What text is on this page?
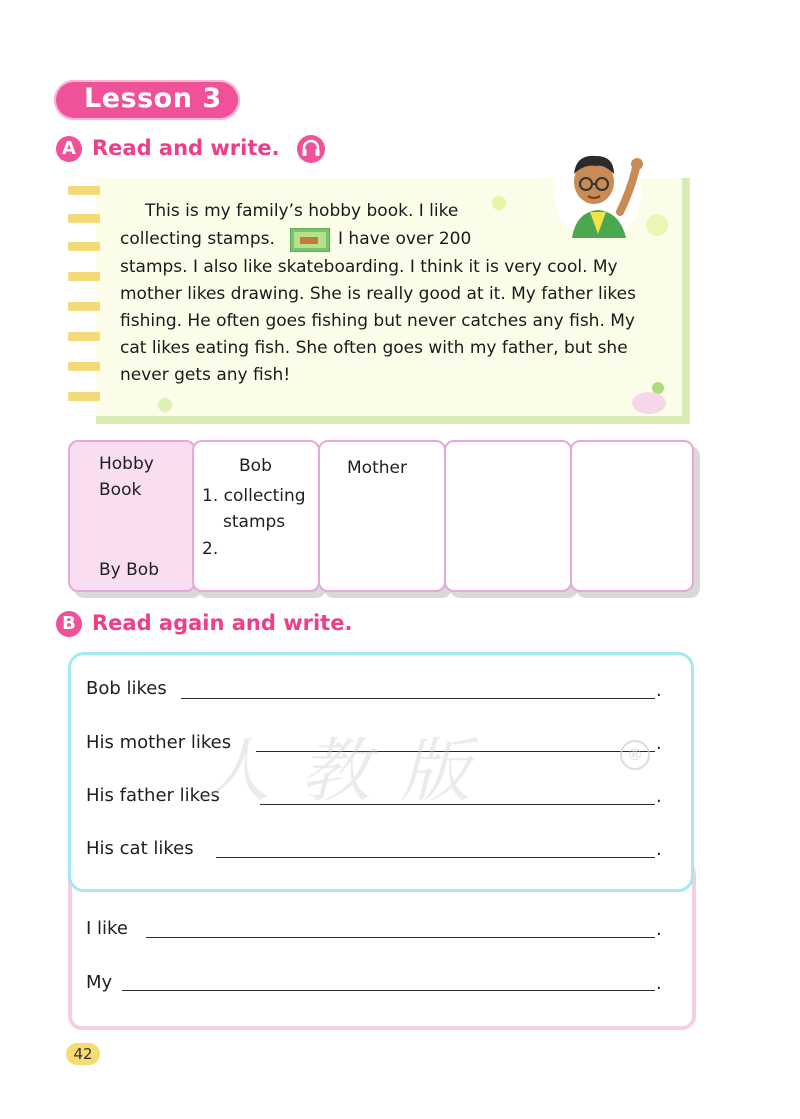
Lesson 3
A Read and write.
This is my family’s hobby book. I like
collecting stamps.	I have over 200
stamps. I also like skateboarding. I think it is very cool. My
mother likes drawing. She is really good at it. My father likes
fishing. He often goes fishing but never catches any fish. My
cat likes eating fish. She often goes with my father, but she
never gets any fish!
Hobby
Book
By Bob
Bob
1. collecting
stamps
2.
Mother
B Read again and write.
Bob likes	.
His mother likes	.
His father likes	.
His cat likes	.
I like	.
My	.
人教版	®
42
